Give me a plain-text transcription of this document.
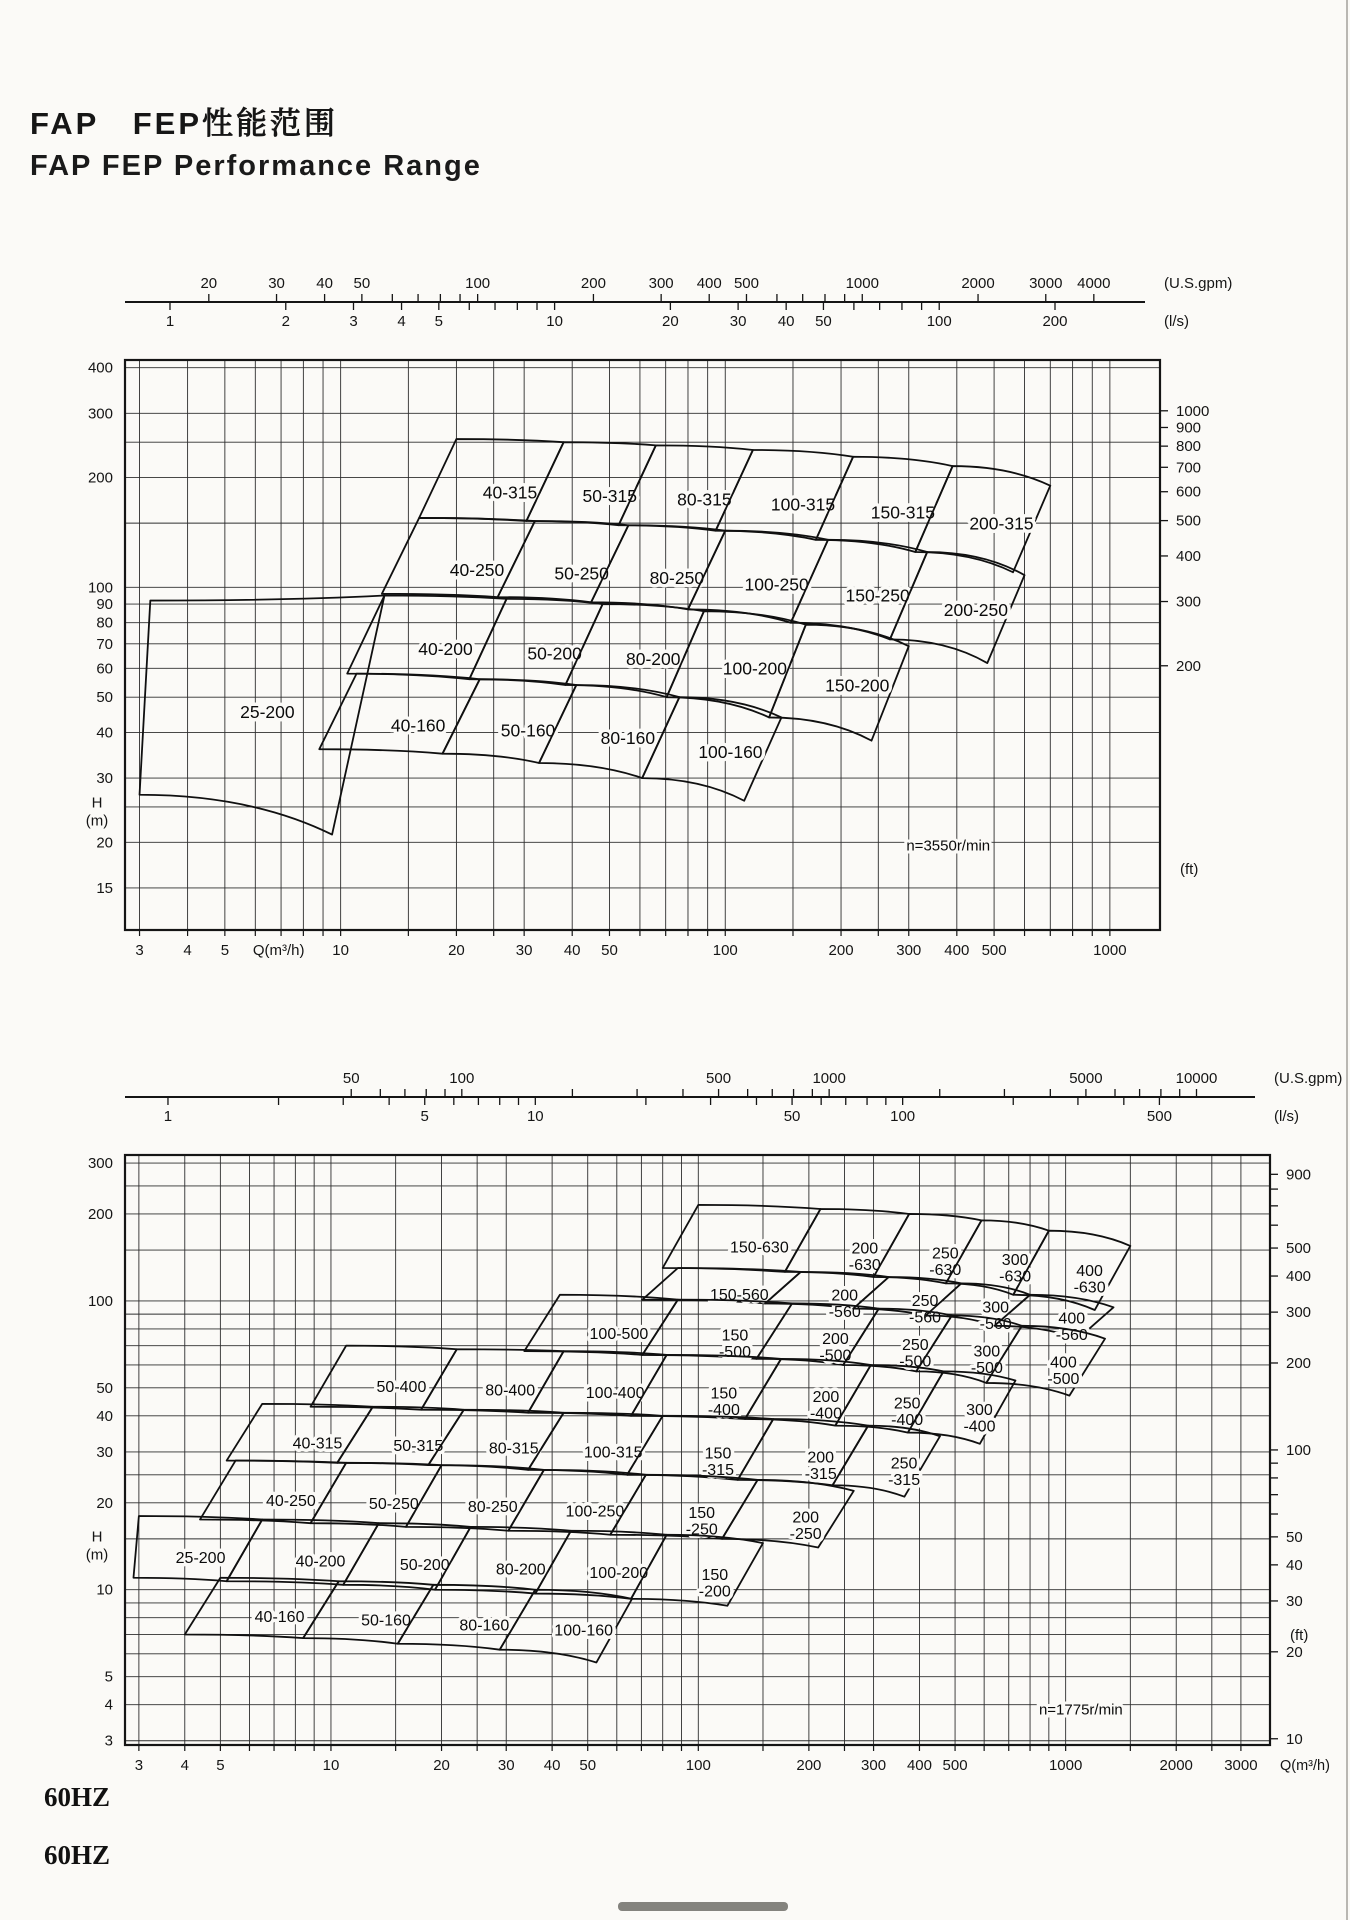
FAP　FEP性能范围
FAP FEP Performance Range
3	4 5	10	20	30 40 50	100	200	300 400 500	1000
Q(m³/h)
400
300
200
100
90
80
70
60
50
40
30
20
15
H
(m)
20	30 40 50	100	200	300 400 500	1000	2000 3000 4000	(U.S.gpm)
1	2	3	4 5	10	20	30 40 50	100	200	(l/s)
1000
900
800
700
600
500
400
300
200
(ft)
40-315	50-315 80-315 100-315 150-315
200-315
40-250	50-250 80-250 100-250
150-250
200-250
25-200
40-200	50-200	80-200 100-200
150-200
40-160	50-160	80-160
100-160
n=3550r/min
3	4 5	10	20	30 40 50	100	200	300 400 500	1000	2000 3000 Q(m³/h)
300
200
100
50
40
30
20
10
5
4
3
H
(m)
50	100	500	1000	5000	10000	(U.S.gpm)
1	5	10	50	100	500	(l/s)
900
500
400
300
200
100
50
40
30
20
10
(ft)
150-630	200 -630
250 -630
300 -630	400 -630
150-560	200 -560
250 -560
300 -560	400 -560
100-500	150 -500
200 -500
250 -500
300 -500	400 -500
50-400	80-400	100-400	150 -400
200 -400
250 -400
300 -400
40-315	50-315	80-315	100-315	150 -315
200 -315
250 -315
40-250	50-250	80-250	100-250	150 -250
200 -250
25-200	40-200	50-200	80-200	100-200	150 -200
40-160	50-160	80-160	100-160
n=1775r/min
60HZ
60HZ
